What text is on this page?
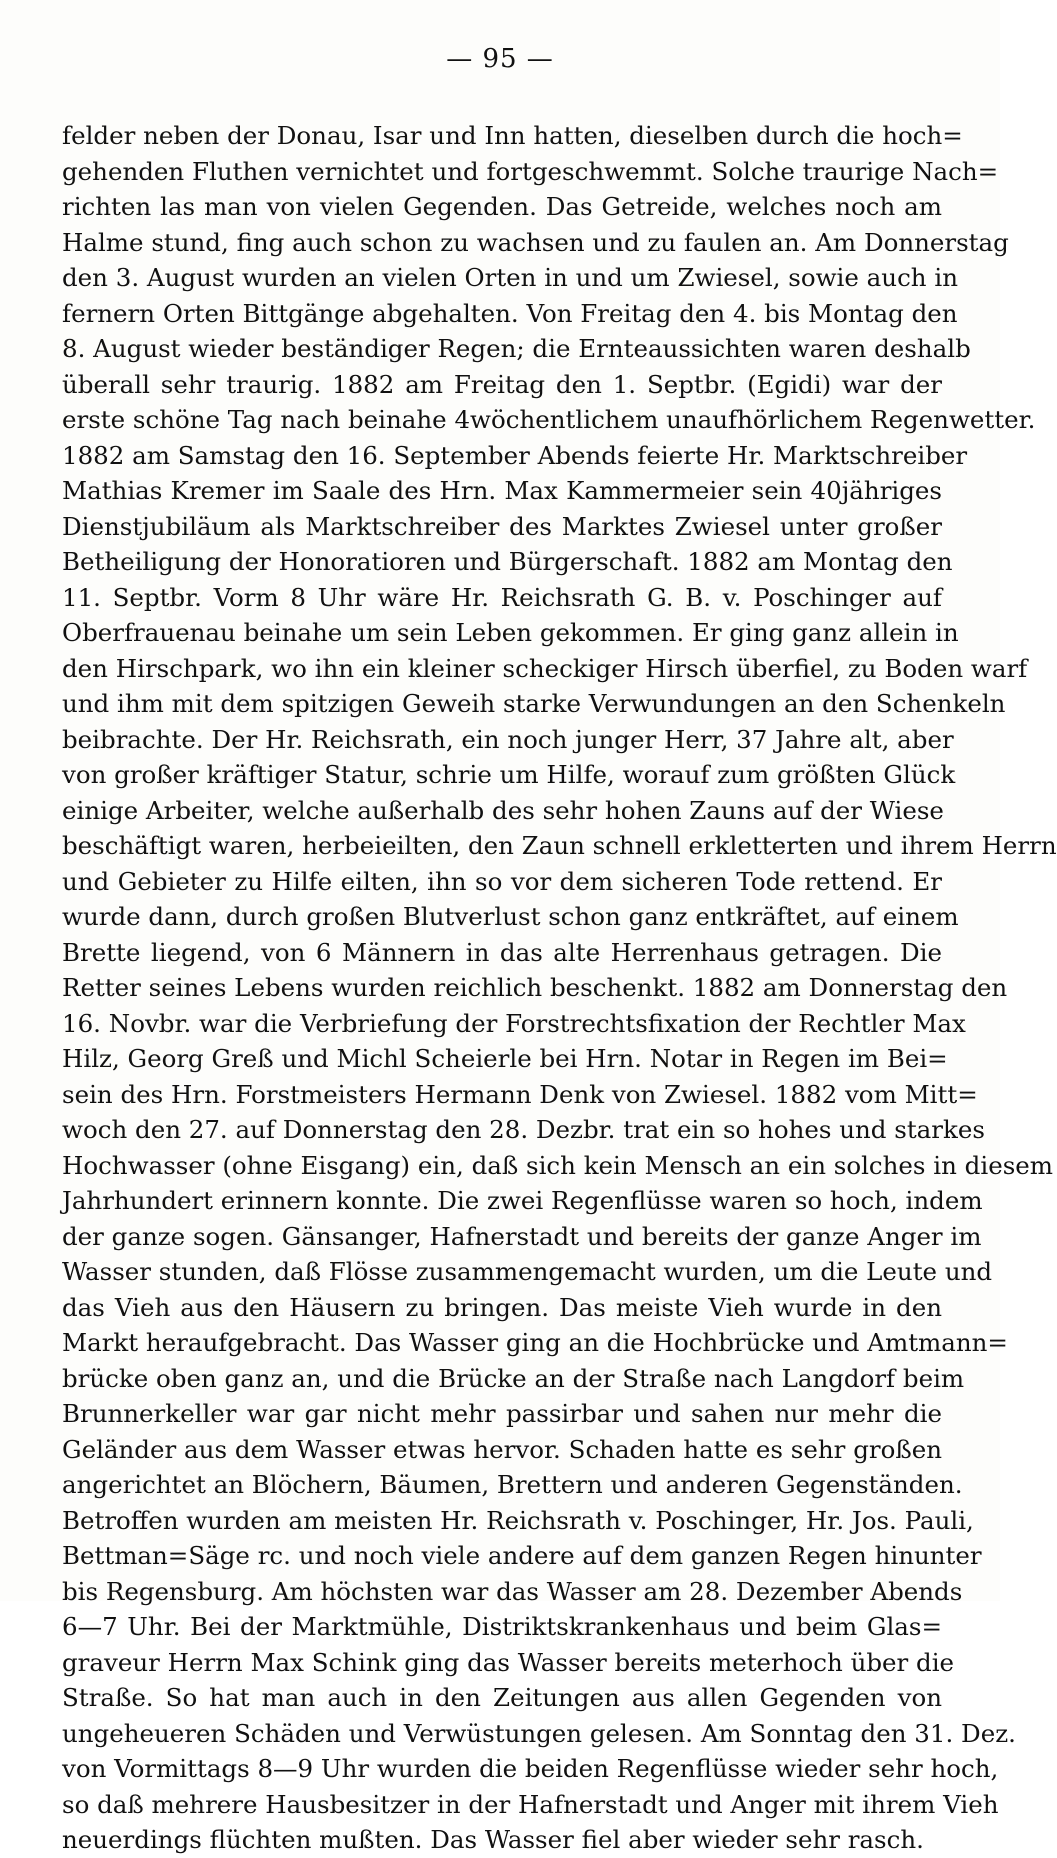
— 95 —
felder neben der Donau, Isar und Inn hatten, dieselben durch die hoch=
gehenden Fluthen vernichtet und fortgeschwemmt. Solche traurige Nach=
richten las man von vielen Gegenden. Das Getreide, welches noch am
Halme stund, fing auch schon zu wachsen und zu faulen an. Am Donnerstag
den 3. August wurden an vielen Orten in und um Zwiesel, sowie auch in
fernern Orten Bittgänge abgehalten. Von Freitag den 4. bis Montag den
8. August wieder beständiger Regen; die Ernteaussichten waren deshalb
überall sehr traurig. 1882 am Freitag den 1. Septbr. (Egidi) war der
erste schöne Tag nach beinahe 4wöchentlichem unaufhörlichem Regenwetter.
1882 am Samstag den 16. September Abends feierte Hr. Marktschreiber
Mathias Kremer im Saale des Hrn. Max Kammermeier sein 40jähriges
Dienstjubiläum als Marktschreiber des Marktes Zwiesel unter großer
Betheiligung der Honoratioren und Bürgerschaft. 1882 am Montag den
11. Septbr. Vorm 8 Uhr wäre Hr. Reichsrath G. B. v. Poschinger auf
Oberfrauenau beinahe um sein Leben gekommen. Er ging ganz allein in
den Hirschpark, wo ihn ein kleiner scheckiger Hirsch überfiel, zu Boden warf
und ihm mit dem spitzigen Geweih starke Verwundungen an den Schenkeln
beibrachte. Der Hr. Reichsrath, ein noch junger Herr, 37 Jahre alt, aber
von großer kräftiger Statur, schrie um Hilfe, worauf zum größten Glück
einige Arbeiter, welche außerhalb des sehr hohen Zauns auf der Wiese
beschäftigt waren, herbeieilten, den Zaun schnell erkletterten und ihrem Herrn
und Gebieter zu Hilfe eilten, ihn so vor dem sicheren Tode rettend. Er
wurde dann, durch großen Blutverlust schon ganz entkräftet, auf einem
Brette liegend, von 6 Männern in das alte Herrenhaus getragen. Die
Retter seines Lebens wurden reichlich beschenkt. 1882 am Donnerstag den
16. Novbr. war die Verbriefung der Forstrechtsfixation der Rechtler Max
Hilz, Georg Greß und Michl Scheierle bei Hrn. Notar in Regen im Bei=
sein des Hrn. Forstmeisters Hermann Denk von Zwiesel. 1882 vom Mitt=
woch den 27. auf Donnerstag den 28. Dezbr. trat ein so hohes und starkes
Hochwasser (ohne Eisgang) ein, daß sich kein Mensch an ein solches in diesem
Jahrhundert erinnern konnte. Die zwei Regenflüsse waren so hoch, indem
der ganze sogen. Gänsanger, Hafnerstadt und bereits der ganze Anger im
Wasser stunden, daß Flösse zusammengemacht wurden, um die Leute und
das Vieh aus den Häusern zu bringen. Das meiste Vieh wurde in den
Markt heraufgebracht. Das Wasser ging an die Hochbrücke und Amtmann=
brücke oben ganz an, und die Brücke an der Straße nach Langdorf beim
Brunnerkeller war gar nicht mehr passirbar und sahen nur mehr die
Geländer aus dem Wasser etwas hervor. Schaden hatte es sehr großen
angerichtet an Blöchern, Bäumen, Brettern und anderen Gegenständen.
Betroffen wurden am meisten Hr. Reichsrath v. Poschinger, Hr. Jos. Pauli,
Bettman=Säge rc. und noch viele andere auf dem ganzen Regen hinunter
bis Regensburg. Am höchsten war das Wasser am 28. Dezember Abends
6—7 Uhr. Bei der Marktmühle, Distriktskrankenhaus und beim Glas=
graveur Herrn Max Schink ging das Wasser bereits meterhoch über die
Straße. So hat man auch in den Zeitungen aus allen Gegenden von
ungeheueren Schäden und Verwüstungen gelesen. Am Sonntag den 31. Dez.
von Vormittags 8—9 Uhr wurden die beiden Regenflüsse wieder sehr hoch,
so daß mehrere Hausbesitzer in der Hafnerstadt und Anger mit ihrem Vieh
neuerdings flüchten mußten. Das Wasser fiel aber wieder sehr rasch.
